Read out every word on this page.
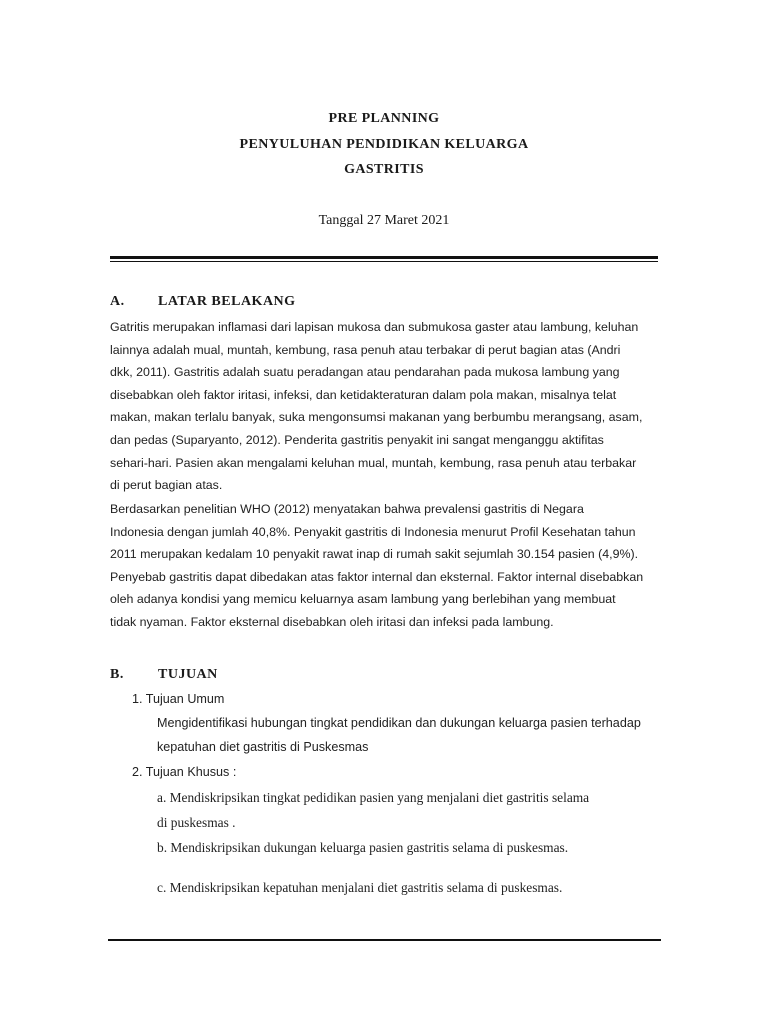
PRE PLANNING
PENYULUHAN PENDIDIKAN KELUARGA
GASTRITIS
Tanggal 27 Maret 2021
A. LATAR BELAKANG
Gatritis merupakan inflamasi dari lapisan mukosa dan submukosa gaster atau lambung, keluhan
lainnya adalah mual, muntah, kembung, rasa penuh atau terbakar di perut bagian atas (Andri
dkk, 2011). Gastritis adalah suatu peradangan atau pendarahan pada mukosa lambung yang
disebabkan oleh faktor iritasi, infeksi, dan ketidakteraturan dalam pola makan, misalnya telat
makan, makan terlalu banyak, suka mengonsumsi makanan yang berbumbu merangsang, asam,
dan pedas (Suparyanto, 2012). Penderita gastritis penyakit ini sangat menganggu aktifitas
sehari-hari. Pasien akan mengalami keluhan mual, muntah, kembung, rasa penuh atau terbakar
di perut bagian atas.
Berdasarkan penelitian WHO (2012) menyatakan bahwa prevalensi gastritis di Negara
Indonesia dengan jumlah 40,8%. Penyakit gastritis di Indonesia menurut Profil Kesehatan tahun
2011 merupakan kedalam 10 penyakit rawat inap di rumah sakit sejumlah 30.154 pasien (4,9%).
Penyebab gastritis dapat dibedakan atas faktor internal dan eksternal. Faktor internal disebabkan
oleh adanya kondisi yang memicu keluarnya asam lambung yang berlebihan yang membuat
tidak nyaman. Faktor eksternal disebabkan oleh iritasi dan infeksi pada lambung.
B. TUJUAN
1. Tujuan Umum
Mengidentifikasi hubungan tingkat pendidikan dan dukungan keluarga pasien terhadap
kepatuhan diet gastritis di Puskesmas
2. Tujuan Khusus :
a. Mendiskripsikan tingkat pedidikan pasien yang menjalani diet gastritis selama
di puskesmas .
b. Mendiskripsikan dukungan keluarga pasien gastritis selama di puskesmas.
c. Mendiskripsikan kepatuhan menjalani diet gastritis selama di puskesmas.
